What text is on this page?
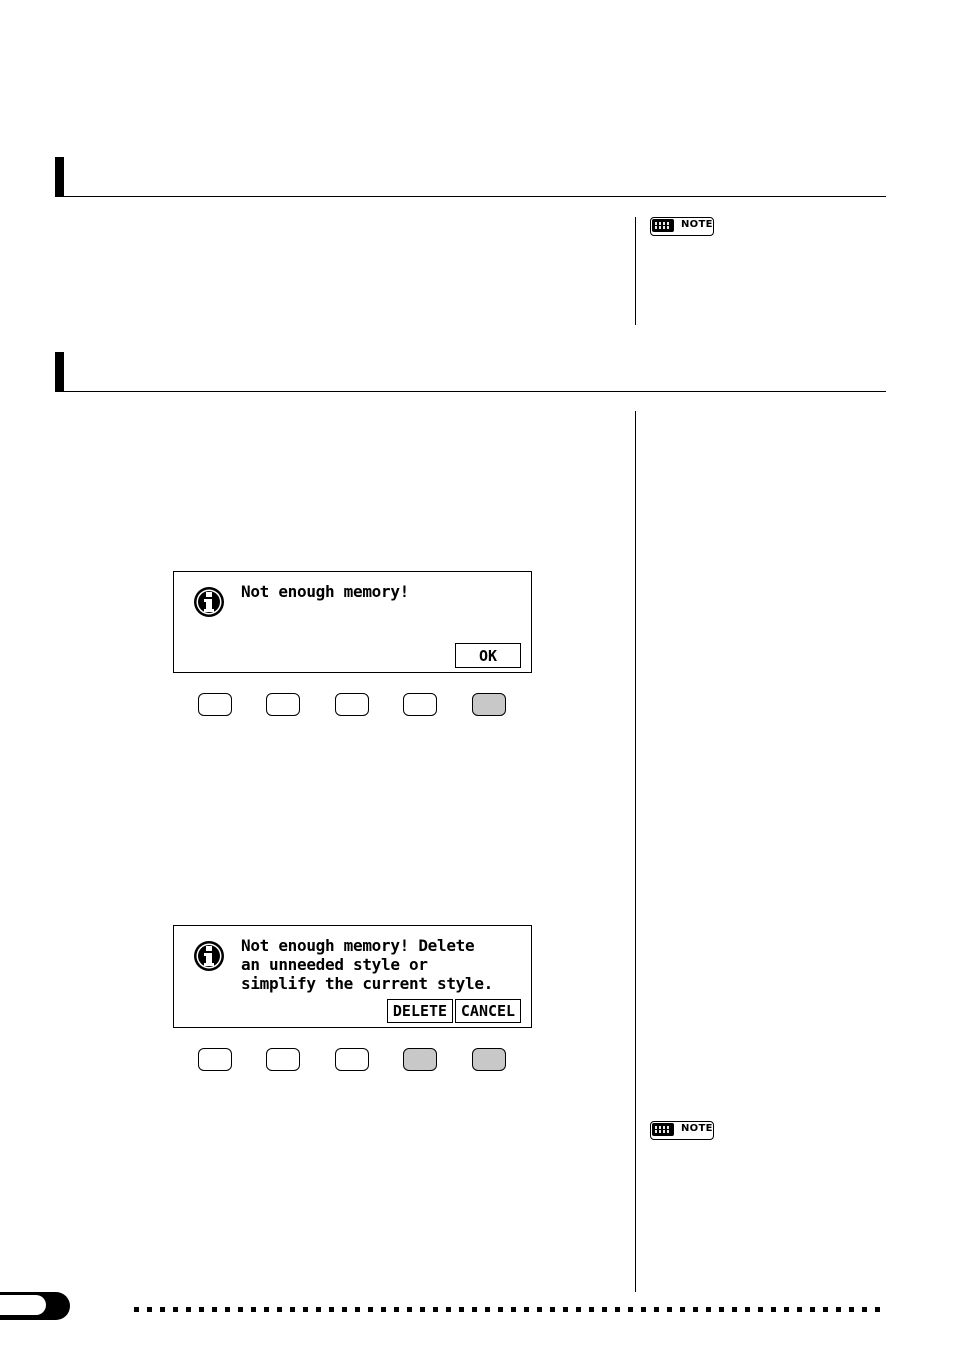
NOTE
Not enough memory!
OK
Not enough memory! Delete
an unneeded style or
simplify the current style.
DELETE CANCEL
NOTE
